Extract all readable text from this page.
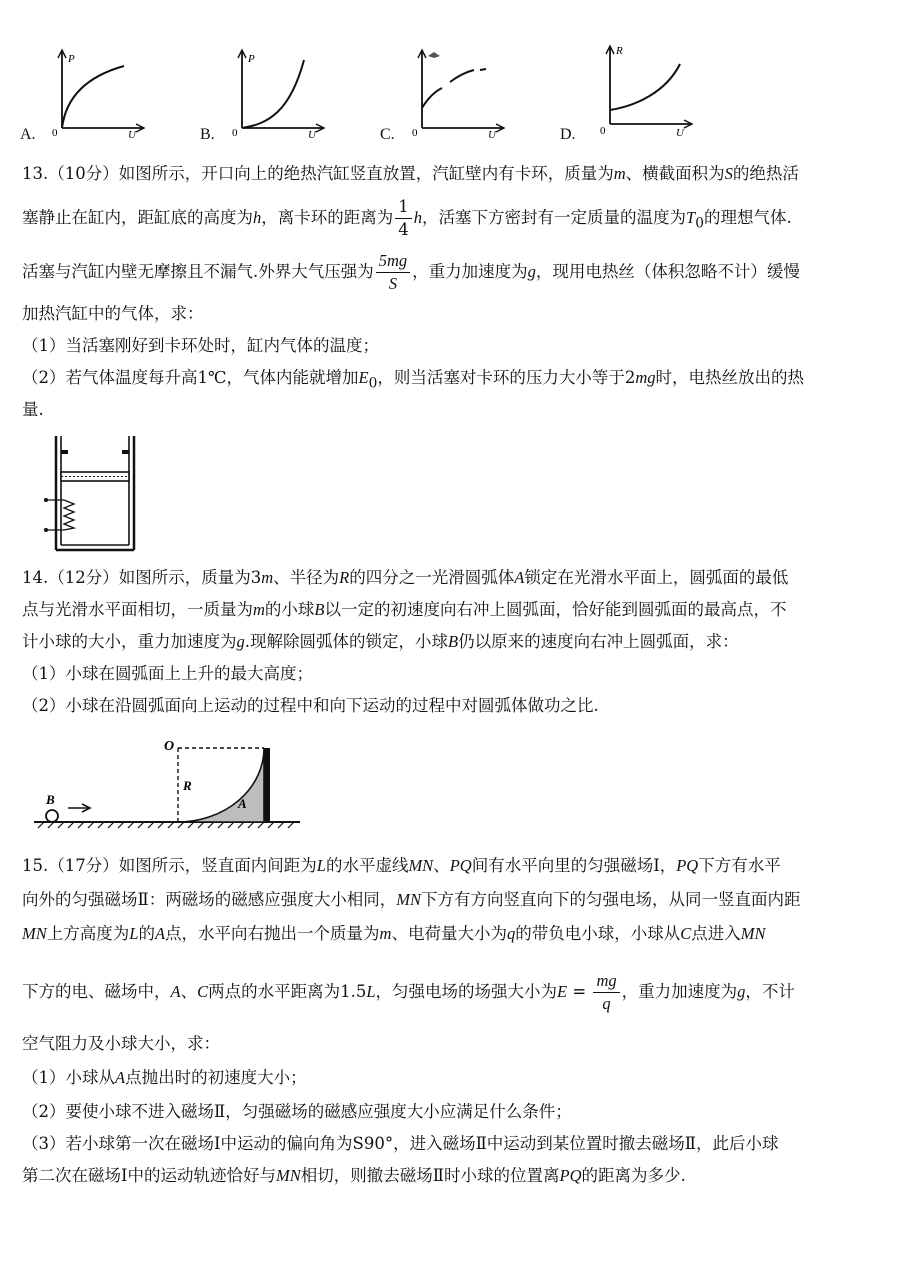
A.
P
0	U	B.
P
0	U	C. 0	U	D.
R
0	U
13.（10分）如图所示，开口向上的绝热汽缸竖直放置，汽缸壁内有卡环，质量为m、横截面积为S的绝热活
塞静止在缸内，距缸底的高度为h，离卡环的距离为 $\frac{1}{4}$ h，活塞下方密封有一定质量的温度为$T_0$的理想气体.
活塞与汽缸内壁无摩擦且不漏气.外界大气压强为 $\frac{5mg}{S}$ ，重力加速度为g，现用电热丝（体积忽略不计）缓慢
加热汽缸中的气体，求：
（1）当活塞刚好到卡环处时，缸内气体的温度；
（2）若气体温度每升高1℃，气体内能就增加$E_0$，则当活塞对卡环的压力大小等于2mg时，电热丝放出的热
量.
14.（12分）如图所示，质量为3m、半径为R的四分之一光滑圆弧体A锁定在光滑水平面上，圆弧面的最低
点与光滑水平面相切，一质量为m的小球B以一定的初速度向右冲上圆弧面，恰好能到圆弧面的最高点，不
计小球的大小，重力加速度为g.现解除圆弧体的锁定，小球B仍以原来的速度向右冲上圆弧面，求：
（1）小球在圆弧面上上升的最大高度；
（2）小球在沿圆弧面向上运动的过程中和向下运动的过程中对圆弧体做功之比.
O
R
A
B
15.（17分）如图所示，竖直面内间距为L的水平虚线MN、PQ间有水平向里的匀强磁场Ⅰ，PQ下方有水平
向外的匀强磁场Ⅱ：两磁场的磁感应强度大小相同，MN下方有方向竖直向下的匀强电场，从同一竖直面内距
MN上方高度为L的A点，水平向右抛出一个质量为m、电荷量大小为q的带负电小球，小球从C点进入MN
下方的电、磁场中，A、C两点的水平距离为1.5L，匀强电场的场强大小为$E = \frac{mg}{q}$ ，重力加速度为g，不计
空气阻力及小球大小，求：
（1）小球从A点抛出时的初速度大小；
（2）要使小球不进入磁场Ⅱ，匀强磁场的磁感应强度大小应满足什么条件；
（3）若小球第一次在磁场Ⅰ中运动的偏向角为S90°，进入磁场Ⅱ中运动到某位置时撤去磁场Ⅱ，此后小球
第二次在磁场Ⅰ中的运动轨迹恰好与MN相切，则撤去磁场Ⅱ时小球的位置离PQ的距离为多少.
